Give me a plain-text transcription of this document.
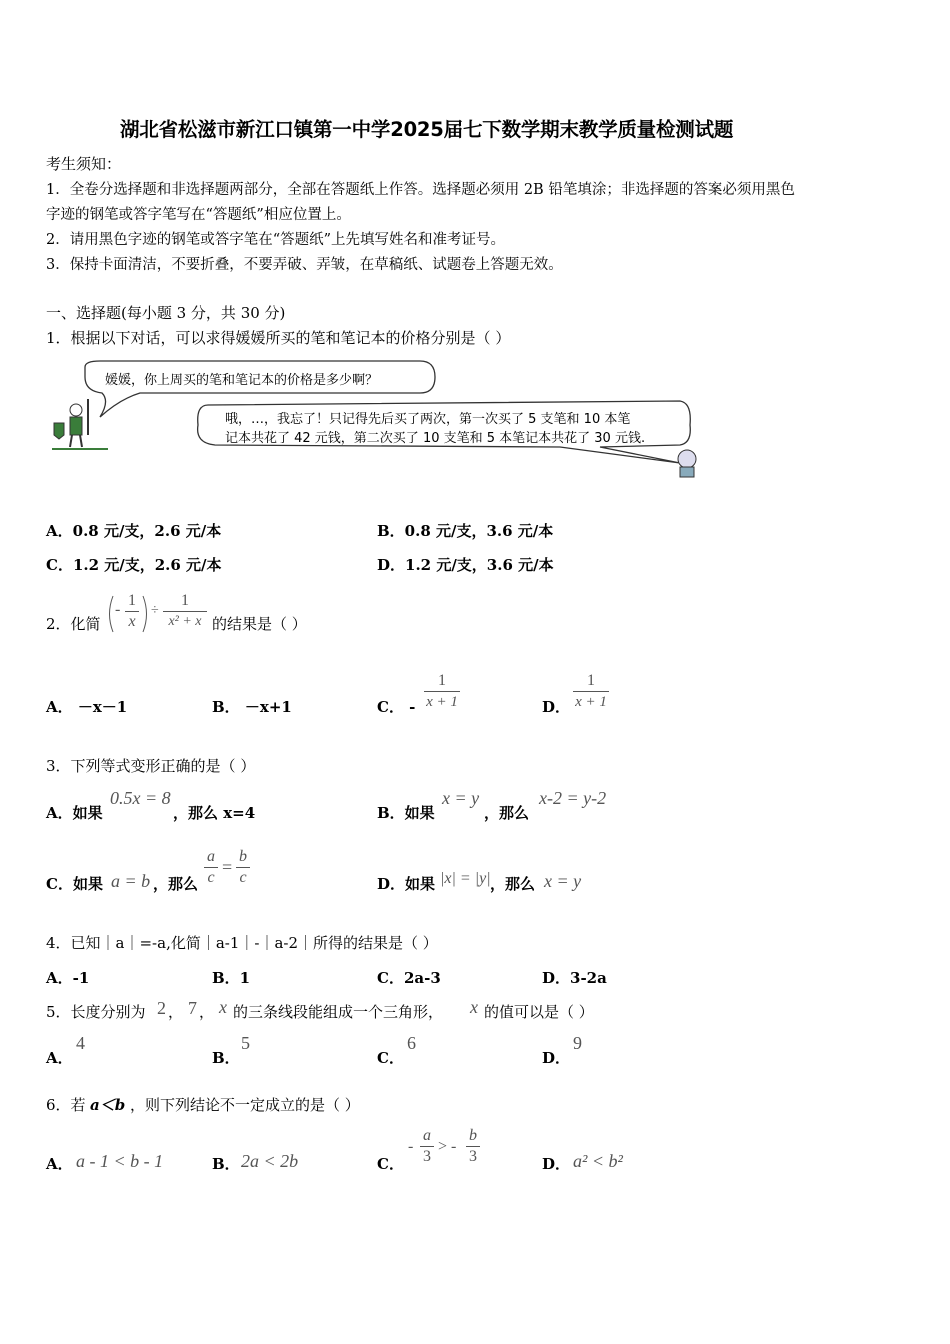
湖北省松滋市新江口镇第一中学2025届七下数学期末教学质量检测试题
考生须知：
1．全卷分选择题和非选择题两部分，全部在答题纸上作答。选择题必须用 2B 铅笔填涂；非选择题的答案必须用黑色
字迹的钢笔或答字笔写在“答题纸”相应位置上。
2．请用黑色字迹的钢笔或答字笔在“答题纸”上先填写姓名和准考证号。
3．保持卡面清洁，不要折叠，不要弄破、弄皱，在草稿纸、试题卷上答题无效。
一、选择题(每小题 3 分，共 30 分)
1．根据以下对话，可以求得媛媛所买的笔和笔记本的价格分别是（ ）
媛媛，你上周买的笔和笔记本的价格是多少啊？
哦，…，我忘了！只记得先后买了两次，第一次买了 5 支笔和 10 本笔
记本共花了 42 元钱，第二次买了 10 支笔和 5 本笔记本共花了 30 元钱.
A．0.8 元/支，2.6 元/本	B．0.8 元/支，3.6 元/本
C．1.2 元/支，2.6 元/本	D．1.2 元/支，3.6 元/本
2．化简
-
1
x
÷
1
x² + x 的结果是（ ）
A． －x－1	B． －x+1	C． -
1
x + 1	D．
1
x + 1
3．下列等式变形正确的是（ ）
A．如果
0.5x = 8
，那么 x=4	B．如果
x = y
，那么
x-2 = y-2
C．如果 a = b ，那么
a
c
=
b
c	D．如果 |x| = |y| ，那么 x = y
4．已知｜a｜=-a,化简｜a-1｜-｜a-2｜所得的结果是（ ）
A．-1	B．1	C．2a-3	D．3-2a
5．长度分别为 2 ， 7 ， x 的三条线段能组成一个三角形， x 的值可以是（ ）
A．
4
B．
5
C．
6
D．
9
6．若 a＜b ，则下列结论不一定成立的是（ ）
A． a - 1 < b - 1	B． 2a < 2b	C．
-
a
3
> -
b
3	D． a² < b²
